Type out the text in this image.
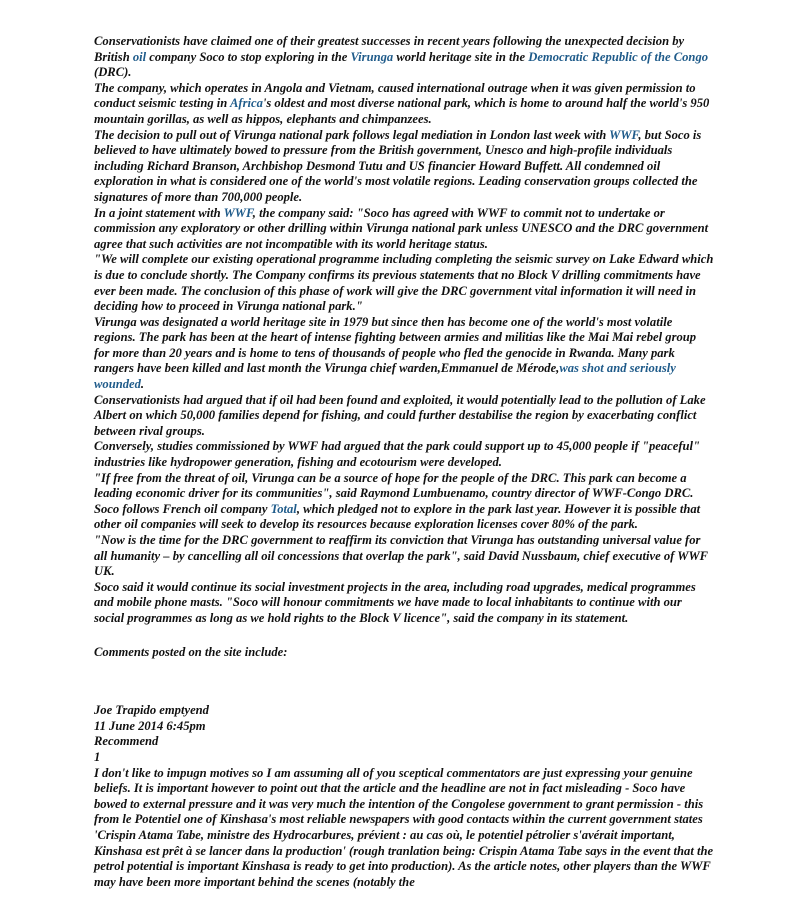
Conservationists have claimed one of their greatest successes in recent years following the unexpected decision by British oil company Soco to stop exploring in the Virunga world heritage site in the Democratic Republic of the Congo (DRC).

The company, which operates in Angola and Vietnam, caused international outrage when it was given permission to conduct seismic testing in Africa's oldest and most diverse national park, which is home to around half the world's 950 mountain gorillas, as well as hippos, elephants and chimpanzees.

The decision to pull out of Virunga national park follows legal mediation in London last week with WWF, but Soco is believed to have ultimately bowed to pressure from the British government, Unesco and high-profile individuals including Richard Branson, Archbishop Desmond Tutu and US financier Howard Buffett. All condemned oil exploration in what is considered one of the world's most volatile regions. Leading conservation groups collected the signatures of more than 700,000 people.

In a joint statement with WWF, the company said: "Soco has agreed with WWF to commit not to undertake or commission any exploratory or other drilling within Virunga national park unless UNESCO and the DRC government agree that such activities are not incompatible with its world heritage status.

"We will complete our existing operational programme including completing the seismic survey on Lake Edward which is due to conclude shortly. The Company confirms its previous statements that no Block V drilling commitments have ever been made. The conclusion of this phase of work will give the DRC government vital information it will need in deciding how to proceed in Virunga national park."

Virunga was designated a world heritage site in 1979 but since then has become one of the world's most volatile regions. The park has been at the heart of intense fighting between armies and militias like the Mai Mai rebel group for more than 20 years and is home to tens of thousands of people who fled the genocide in Rwanda. Many park rangers have been killed and last month the Virunga chief warden,Emmanuel de Mérode,was shot and seriously wounded.

Conservationists had argued that if oil had been found and exploited, it would potentially lead to the pollution of Lake Albert on which 50,000 families depend for fishing, and could further destabilise the region by exacerbating conflict between rival groups.

Conversely, studies commissioned by WWF had argued that the park could support up to 45,000 people if "peaceful" industries like hydropower generation, fishing and ecotourism were developed.

"If free from the threat of oil, Virunga can be a source of hope for the people of the DRC. This park can become a leading economic driver for its communities", said Raymond Lumbuenamo, country director of WWF-Congo DRC.

Soco follows French oil company Total, which pledged not to explore in the park last year. However it is possible that other oil companies will seek to develop its resources because exploration licenses cover 80% of the park.

"Now is the time for the DRC government to reaffirm its conviction that Virunga has outstanding universal value for all humanity – by cancelling all oil concessions that overlap the park", said David Nussbaum, chief executive of WWF UK.

Soco said it would continue its social investment projects in the area, including road upgrades, medical programmes and mobile phone masts. "Soco will honour commitments we have made to local inhabitants to continue with our social programmes as long as we hold rights to the Block V licence", said the company in its statement.

Comments posted on the site include:

Joe Trapido emptyend

11 June 2014 6:45pm

Recommend

1

I don't like to impugn motives so I am assuming all of you sceptical commentators are just expressing your genuine beliefs. It is important however to point out that the article and the headline are not in fact misleading - Soco have bowed to external pressure and it was very much the intention of the Congolese government to grant permission - this from le Potentiel one of Kinshasa's most reliable newspapers with good contacts within the current government states 'Crispin Atama Tabe, ministre des Hydrocarbures, prévient : au cas où, le potentiel pétrolier s'avérait important, Kinshasa est prêt à se lancer dans la production' (rough tranlation being: Crispin Atama Tabe says in the event that the petrol potential is important Kinshasa is ready to get into production). As the article notes, other players than the WWF may have been more important behind the scenes (notably the
